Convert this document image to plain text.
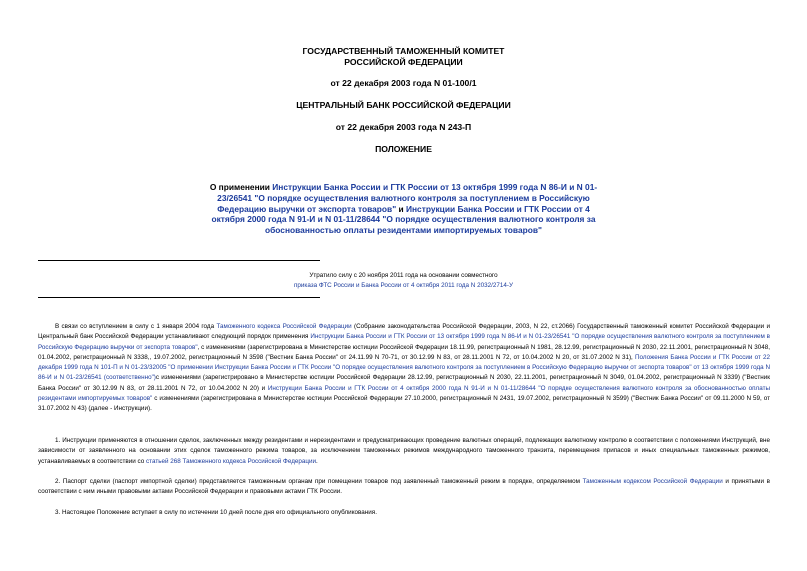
ГОСУДАРСТВЕННЫЙ ТАМОЖЕННЫЙ КОМИТЕТ
РОССИЙСКОЙ ФЕДЕРАЦИИ
от 22 декабря 2003 года N 01-100/1
ЦЕНТРАЛЬНЫЙ БАНК РОССИЙСКОЙ ФЕДЕРАЦИИ
от 22 декабря 2003 года N 243-П
ПОЛОЖЕНИЕ
О применении Инструкции Банка России и ГТК России от 13 октября 1999 года N 86-И и N 01-23/26541 "О порядке осуществления валютного контроля за поступлением в Российскую Федерацию выручки от экспорта товаров" и Инструкции Банка России и ГТК России от 4 октября 2000 года N 91-И и N 01-11/28644 "О порядке осуществления валютного контроля за обоснованностью оплаты резидентами импортируемых товаров"
Утратило силу с 20 ноября 2011 года на основании совместного
приказа ФТС России и Банка России от 4 октября 2011 года N 2032/2714-У

В связи со вступлением в силу с 1 января 2004 года Таможенного кодекса Российской Федерации (Собрание законодательства Российской Федерации, 2003, N 22, ст.2066) Государственный таможенный комитет Российской Федерации и Центральный банк Российской Федерации устанавливают следующий порядок применения Инструкции Банка России и ГТК России от 13 октября 1999 года N 86-И и N 01-23/26541 "О порядке осуществления валютного контроля за поступлением в Российскую Федерацию выручки от экспорта товаров", с изменениями (зарегистрирована в Министерстве юстиции Российской Федерации 18.11.99, регистрационный N 1981, 28.12.99, регистрационный N 2030, 22.11.2001, регистрационный N 3048, 01.04.2002, регистрационный N 3338,, 19.07.2002, регистрационный N 3598 ("Вестник Банка России" от 24.11.99 N 70-71, от 30.12.99 N 83, от 28.11.2001 N 72, от 10.04.2002 N 20, от 31.07.2002 N 31), Положения Банка России и ГТК России от 22 декабря 1999 года N 101-П и N 01-23/32005 "О применении Инструкции Банка России и ГТК России "О порядке осуществления валютного контроля за поступлением в Российскую Федерацию выручки от экспорта товаров" от 13 октября 1999 года N 86-И и N 01-23/26541 (соответственно")с изменениями (зарегистрировано в Министерстве юстиции Российской Федерации 28.12.99, регистрационный N 2030, 22.11.2001, регистрационный N 3049, 01.04.2002, регистрационный N 3339) ("Вестник Банка России" от 30.12.99 N 83, от 28.11.2001 N 72, от 10.04.2002 N 20) и Инструкции Банка России и ГТК России от 4 октября 2000 года N 91-И и N 01-11/28644 "О порядке осуществления валютного контроля за обоснованностью оплаты резидентами импортируемых товаров" с изменениями (зарегистрирована в Министерстве юстиции Российской Федерации 27.10.2000, регистрационный N 2431, 19.07.2002, регистрационный N 3599) ("Вестник Банка России" от 09.11.2000 N 59, от 31.07.2002 N 43) (далее - Инструкции).

1. Инструкции применяются в отношении сделок, заключенных между резидентами и нерезидентами и предусматривающих проведение валютных операций, подлежащих валютному контролю в соответствии с положениями Инструкций, вне зависимости от заявленного на основании этих сделок таможенного режима товаров, за исключением таможенных режимов международного таможенного транзита, перемещения припасов и иных специальных таможенных режимов, устанавливаемых в соответствии со статьей 268 Таможенного кодекса Российской Федерации.

2. Паспорт сделки (паспорт импортной сделки) представляется таможенным органам при помещении товаров под заявленный таможенный режим в порядке, определяемом Таможенным кодексом Российской Федерации и принятыми в соответствии с ним иными правовыми актами Российской Федерации и правовыми актами ГТК России.

3. Настоящее Положение вступает в силу по истечении 10 дней после дня его официального опубликования.
